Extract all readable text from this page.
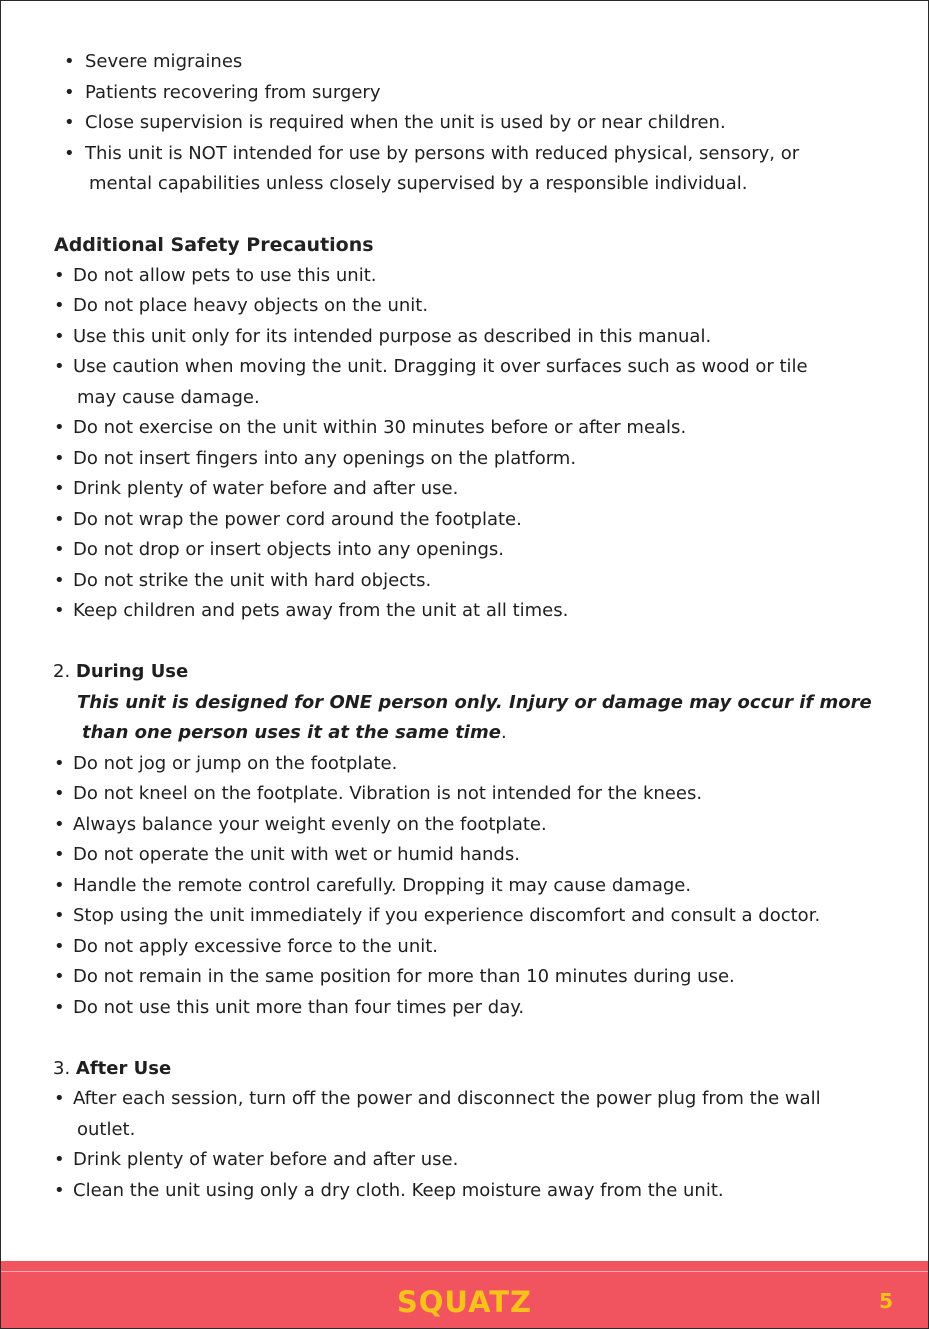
• Severe migraines
• Patients recovering from surgery
• Close supervision is required when the unit is used by or near children.
• This unit is NOT intended for use by persons with reduced physical, sensory, or
mental capabilities unless closely supervised by a responsible individual.
Additional Safety Precautions
• Do not allow pets to use this unit.
• Do not place heavy objects on the unit.
• Use this unit only for its intended purpose as described in this manual.
• Use caution when moving the unit. Dragging it over surfaces such as wood or tile
may cause damage.
• Do not exercise on the unit within 30 minutes before or after meals.
• Do not insert fingers into any openings on the platform.
• Drink plenty of water before and after use.
• Do not wrap the power cord around the footplate.
• Do not drop or insert objects into any openings.
• Do not strike the unit with hard objects.
• Keep children and pets away from the unit at all times.
2. During Use
This unit is designed for ONE person only. Injury or damage may occur if more
than one person uses it at the same time.
• Do not jog or jump on the footplate.
• Do not kneel on the footplate. Vibration is not intended for the knees.
• Always balance your weight evenly on the footplate.
• Do not operate the unit with wet or humid hands.
• Handle the remote control carefully. Dropping it may cause damage.
• Stop using the unit immediately if you experience discomfort and consult a doctor.
• Do not apply excessive force to the unit.
• Do not remain in the same position for more than 10 minutes during use.
• Do not use this unit more than four times per day.
3. After Use
• After each session, turn off the power and disconnect the power plug from the wall
outlet.
• Drink plenty of water before and after use.
• Clean the unit using only a dry cloth. Keep moisture away from the unit.
SQUATZ	5
